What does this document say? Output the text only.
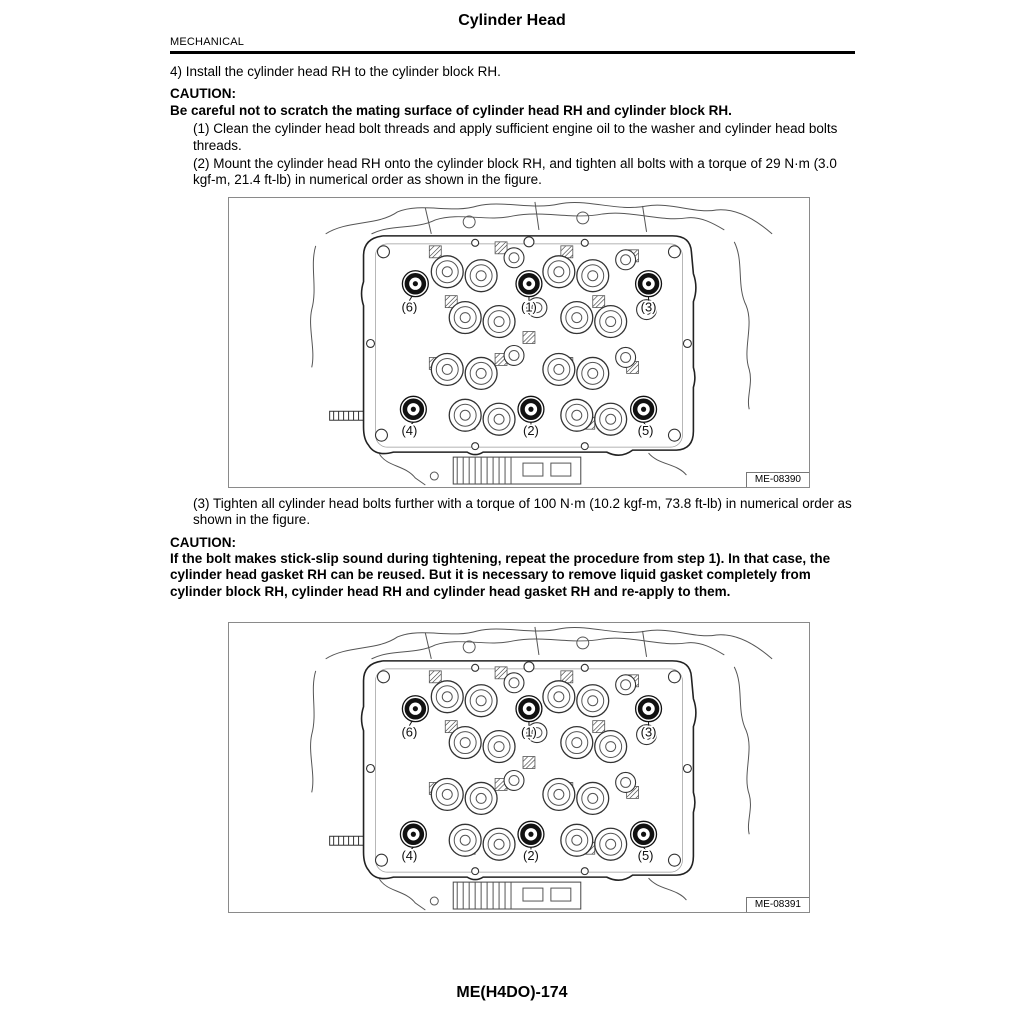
Cylinder Head
MECHANICAL

4) Install the cylinder head RH to the cylinder block RH.

CAUTION:

Be careful not to scratch the mating surface of cylinder head RH and cylinder block RH.

(1) Clean the cylinder head bolt threads and apply sufficient engine oil to the washer and cylinder head bolts threads.

(2) Mount the cylinder head RH onto the cylinder block RH, and tighten all bolts with a torque of 29 N·m (3.0 kgf-m, 21.4 ft-lb) in numerical order as shown in the figure.

(6)	(1)	(3)
(4)	(2)	(5)
ME-08390

(3) Tighten all cylinder head bolts further with a torque of 100 N·m (10.2 kgf-m, 73.8 ft-lb) in numerical order as shown in the figure.

CAUTION:

If the bolt makes stick-slip sound during tightening, repeat the procedure from step 1). In that case, the cylinder head gasket RH can be reused. But it is necessary to remove liquid gasket completely from cylinder block RH, cylinder head RH and cylinder head gasket RH and re-apply to them.

(6)	(1)	(3)
(4)	(2)	(5)
ME-08391
ME(H4DO)-174
